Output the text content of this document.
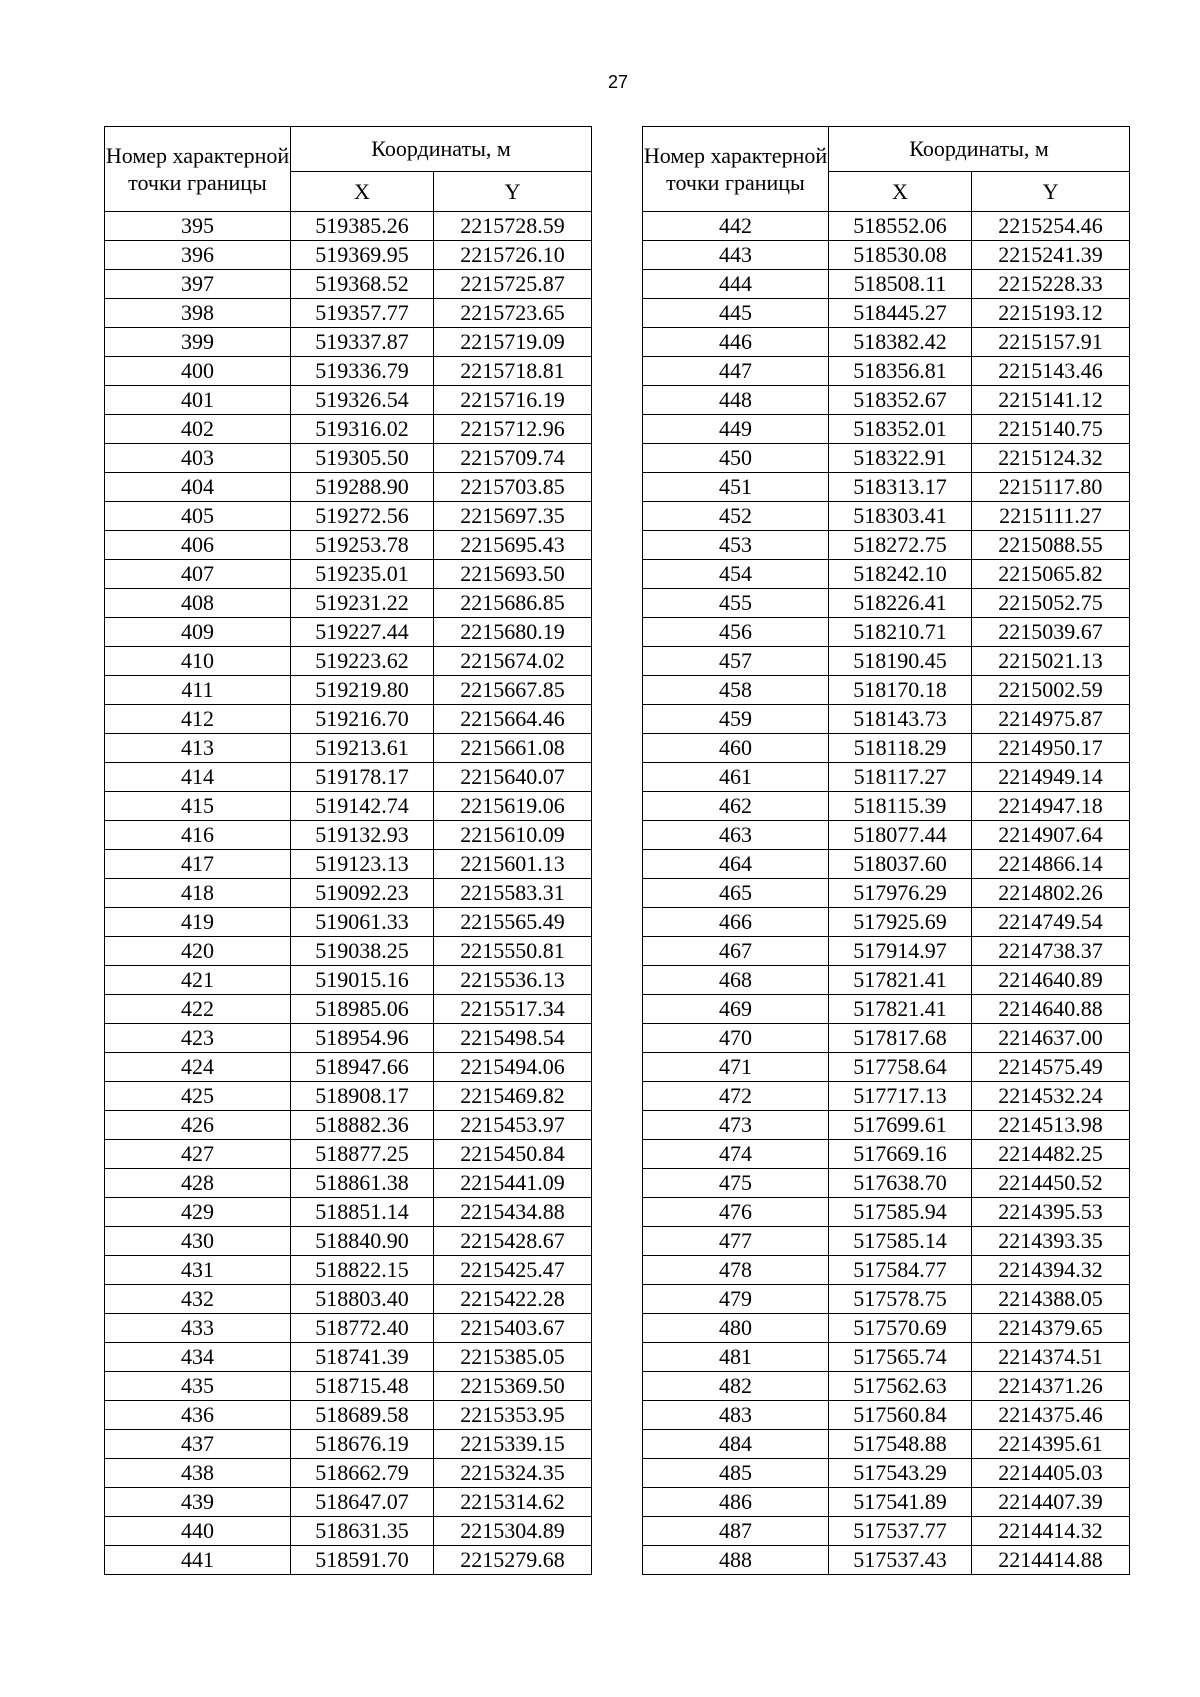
27
Номер характерной точки границы	Координаты, м	
	X	Y
395	519385.26	2215728.59
396	519369.95	2215726.10
397	519368.52	2215725.87
398	519357.77	2215723.65
399	519337.87	2215719.09
400	519336.79	2215718.81
401	519326.54	2215716.19
402	519316.02	2215712.96
403	519305.50	2215709.74
404	519288.90	2215703.85
405	519272.56	2215697.35
406	519253.78	2215695.43
407	519235.01	2215693.50
408	519231.22	2215686.85
409	519227.44	2215680.19
410	519223.62	2215674.02
411	519219.80	2215667.85
412	519216.70	2215664.46
413	519213.61	2215661.08
414	519178.17	2215640.07
415	519142.74	2215619.06
416	519132.93	2215610.09
417	519123.13	2215601.13
418	519092.23	2215583.31
419	519061.33	2215565.49
420	519038.25	2215550.81
421	519015.16	2215536.13
422	518985.06	2215517.34
423	518954.96	2215498.54
424	518947.66	2215494.06
425	518908.17	2215469.82
426	518882.36	2215453.97
427	518877.25	2215450.84
428	518861.38	2215441.09
429	518851.14	2215434.88
430	518840.90	2215428.67
431	518822.15	2215425.47
432	518803.40	2215422.28
433	518772.40	2215403.67
434	518741.39	2215385.05
435	518715.48	2215369.50
436	518689.58	2215353.95
437	518676.19	2215339.15
438	518662.79	2215324.35
439	518647.07	2215314.62
440	518631.35	2215304.89
441	518591.70	2215279.68
Номер характерной точки границы	Координаты, м	
	X	Y
442	518552.06	2215254.46
443	518530.08	2215241.39
444	518508.11	2215228.33
445	518445.27	2215193.12
446	518382.42	2215157.91
447	518356.81	2215143.46
448	518352.67	2215141.12
449	518352.01	2215140.75
450	518322.91	2215124.32
451	518313.17	2215117.80
452	518303.41	2215111.27
453	518272.75	2215088.55
454	518242.10	2215065.82
455	518226.41	2215052.75
456	518210.71	2215039.67
457	518190.45	2215021.13
458	518170.18	2215002.59
459	518143.73	2214975.87
460	518118.29	2214950.17
461	518117.27	2214949.14
462	518115.39	2214947.18
463	518077.44	2214907.64
464	518037.60	2214866.14
465	517976.29	2214802.26
466	517925.69	2214749.54
467	517914.97	2214738.37
468	517821.41	2214640.89
469	517821.41	2214640.88
470	517817.68	2214637.00
471	517758.64	2214575.49
472	517717.13	2214532.24
473	517699.61	2214513.98
474	517669.16	2214482.25
475	517638.70	2214450.52
476	517585.94	2214395.53
477	517585.14	2214393.35
478	517584.77	2214394.32
479	517578.75	2214388.05
480	517570.69	2214379.65
481	517565.74	2214374.51
482	517562.63	2214371.26
483	517560.84	2214375.46
484	517548.88	2214395.61
485	517543.29	2214405.03
486	517541.89	2214407.39
487	517537.77	2214414.32
488	517537.43	2214414.88
